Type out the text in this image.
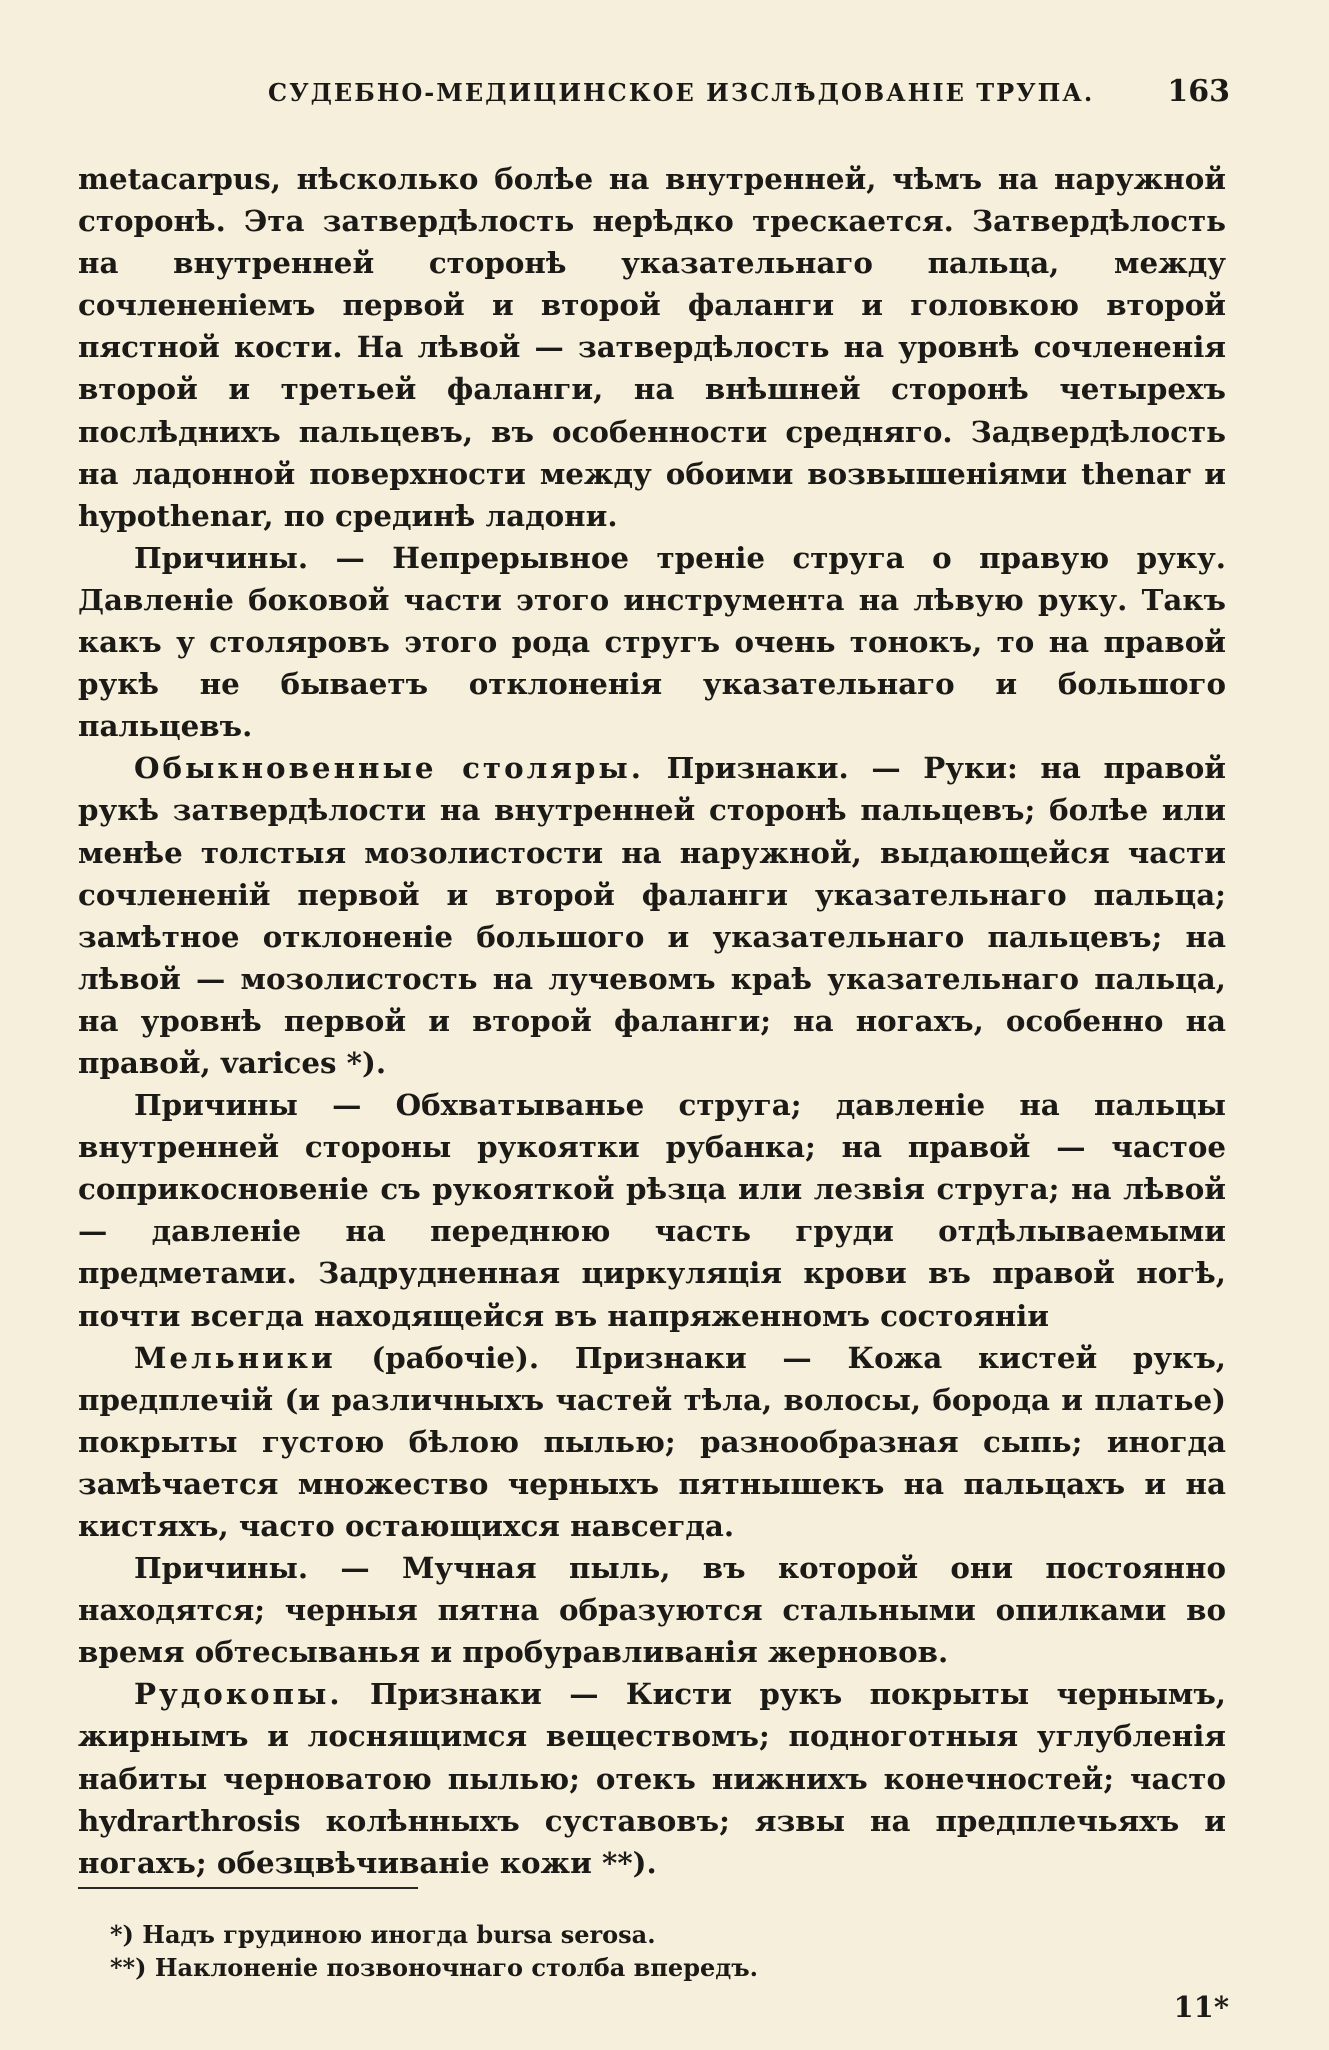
СУДЕБНО-МЕДИЦИНСКОЕ ИЗСЛѢДОВАНІЕ ТРУПА. 163

metacarpus, нѣсколько болѣе на внутренней, чѣмъ на наружной сторонѣ. Эта затвердѣлость нерѣдко трескается. Затвердѣлость на внутренней сторонѣ указательнаго пальца, между сочлененіемъ первой и второй фаланги и головкою второй пястной кости. На лѣвой — затвердѣлость на уровнѣ сочлененія второй и третьей фаланги, на внѣшней сторонѣ четырехъ послѣднихъ пальцевъ, въ особенности средняго. Задвердѣлость на ладонной поверхности между обоими возвышеніями thenar и hypothenar, по срединѣ ладони.

Причины. — Непрерывное треніе струга о правую руку. Давленіе боковой части этого инструмента на лѣвую руку. Такъ какъ у столяровъ этого рода стругъ очень тонокъ, то на правой рукѣ не бываетъ отклоненія указательнаго и большого пальцевъ.

Обыкновенные столяры. Признаки. — Руки: на правой рукѣ затвердѣлости на внутренней сторонѣ пальцевъ; болѣе или менѣе толстыя мозолистости на наружной, выдающейся части сочлененій первой и второй фаланги указательнаго пальца; замѣтное отклоненіе большого и указательнаго пальцевъ; на лѣвой — мозолистость на лучевомъ краѣ указательнаго пальца, на уровнѣ первой и второй фаланги; на ногахъ, особенно на правой, varices *).

Причины — Обхватыванье струга; давленіе на пальцы внутренней стороны рукоятки рубанка; на правой — частое соприкосновеніе съ рукояткой рѣзца или лезвія струга; на лѣвой — давленіе на переднюю часть груди отдѣлываемыми предметами. Задрудненная циркуляція крови въ правой ногѣ, почти всегда находящейся въ напряженномъ состояніи

Мельники (рабочіе). Признаки — Кожа кистей рукъ, предплечій (и различныхъ частей тѣла, волосы, борода и платье) покрыты густою бѣлою пылью; разнообразная сыпь; иногда замѣчается множество черныхъ пятнышекъ на пальцахъ и на кистяхъ, часто остающихся навсегда.

Причины. — Мучная пыль, въ которой они постоянно находятся; черныя пятна образуются стальными опилками во время обтесыванья и пробуравливанія жерновов.

Рудокопы. Признаки — Кисти рукъ покрыты чернымъ, жирнымъ и лоснящимся веществомъ; подноготныя углубленія набиты черноватою пылью; отекъ нижнихъ конечностей; часто hydrarthrosis колѣнныхъ суставовъ; язвы на предплечьяхъ и ногахъ; обезцвѣчиваніе кожи **).

*) Надъ грудиною иногда bursa serosa.

**) Наклоненіе позвоночнаго столба впередъ.

11*
